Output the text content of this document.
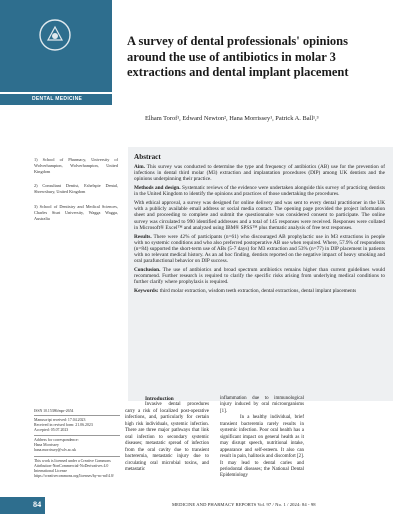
DENTAL MEDICINE
A survey of dental professionals' opinions around the use of antibiotics in molar 3 extractions and dental implant placement
Elham Torof¹, Edward Newton², Hana Morrissey¹, Patrick A. Ball¹,³
1) School of Pharmacy, University of Wolverhampton, Wolverhampton, United Kingdom
2) Consultant Dentist, Eshelspie Dental, Shrewsbury, United Kingdom
3) School of Dentistry and Medical Sciences, Charles Sturt University, Wagga Wagga, Australia
Abstract

Aim. This survey was conducted to determine the type and frequency of antibiotics (AB) use for the prevention of infections in dental third molar (M3) extraction and implantation procedures (DIP) among UK dentists and the opinions underpinning their practice.

Methods and design. Systematic reviews of the evidence were undertaken alongside this survey of practicing dentists in the United Kingdom to identify the opinions and practices of those undertaking the procedures.

With ethical approval, a survey was designed for online delivery and was sent to every dental practitioner in the UK with a publicly available email address or social media contact. The opening page provided the project information sheet and proceeding to complete and submit the questionnaire was considered consent to participate. The online survey was circulated to 990 identified addresses and a total of 145 responses were received. Responses were collated in Microsoft® Excel™ and analyzed using IBM® SPSS™ plus thematic analysis of free text responses.

Results. There were 42% of participants (n=61) who discouraged AB prophylactic use in M3 extractions in people with no systemic conditions and who also preferred postoperative AB use when required. Where, 57.9% of respondents (n=84) supported the short-term use of ABs (5-7 days) for M3 extraction and 53% (n=77) in DIP placement in patients with no relevant medical history. As an ad hoc finding, dentists reported on the negative impact of heavy smoking and oral parafunctional behavior on DIP success.

Conclusion. The use of antibiotics and broad spectrum antibiotics remains higher than current guidelines would recommend. Further research is required to clarify the specific risks arising from underlying medical conditions to further clarify where prophylaxis is required.

Keywords: third molar extraction, wisdom teeth extraction, dental extractions, dental implant placements

ISSN 10.15386/mpr-2654
Manuscript received: 17.04.2023
Received in revised form: 21.06.2023
Accepted: 05.07.2023
Address for correspondence:
Hana Morrissey
hana.morrissey@wlv.ac.uk
This work is licensed under a Creative Commons Attribution-NonCommercial-NoDerivatives 4.0 International License https://creativecommons.org/licenses/by-nc-nd/4.0/
Introduction
Invasive dental procedures carry a risk of localized post-operative infections, and, particularly for certain high risk individuals, systemic infection. There are three major pathways that link oral infection to secondary systemic diseases; metastatic spread of infection from the oral cavity due to transient bacteremia, metastatic injury due to circulating oral microbial toxins, and metastatic
inflammation due to immunological injury induced by oral microorganisms [1].
In a healthy individual, brief transient bacteremia rarely results in systemic infection. Poor oral health has a significant impact on general health as it may disrupt speech, nutritional intake, appearance and self-esteem. It also can result in pain, halitosis and discomfort [2]. It may lead to dental caries and periodontal diseases; the National Dental Epidemiology
84	MEDICINE AND PHARMACY REPORTS Vol. 97 / No. 1 / 2024: 84 - 98
